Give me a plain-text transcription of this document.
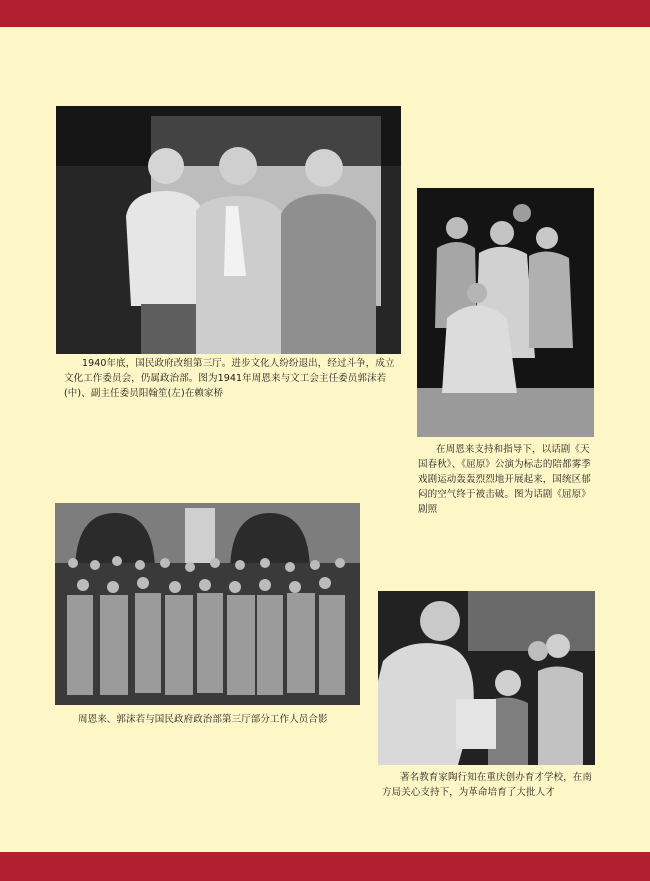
1940年底，国民政府改组第三厅。进步文化人纷纷退出，经过斗争，成立文化工作委员会，仍属政治部。图为1941年周恩来与文工会主任委员郭沫若(中)、副主任委员阳翰笙(左)在赖家桥

在周恩来支持和指导下，以话剧《天国春秋》、《屈原》公演为标志的陪都雾季戏剧运动轰轰烈烈地开展起来，国统区郁闷的空气终于被击破。图为话剧《屈原》剧照

周恩来、郭沫若与国民政府政治部第三厅部分工作人员合影

著名教育家陶行知在重庆创办育才学校，在南方局关心支持下，为革命培育了大批人才
